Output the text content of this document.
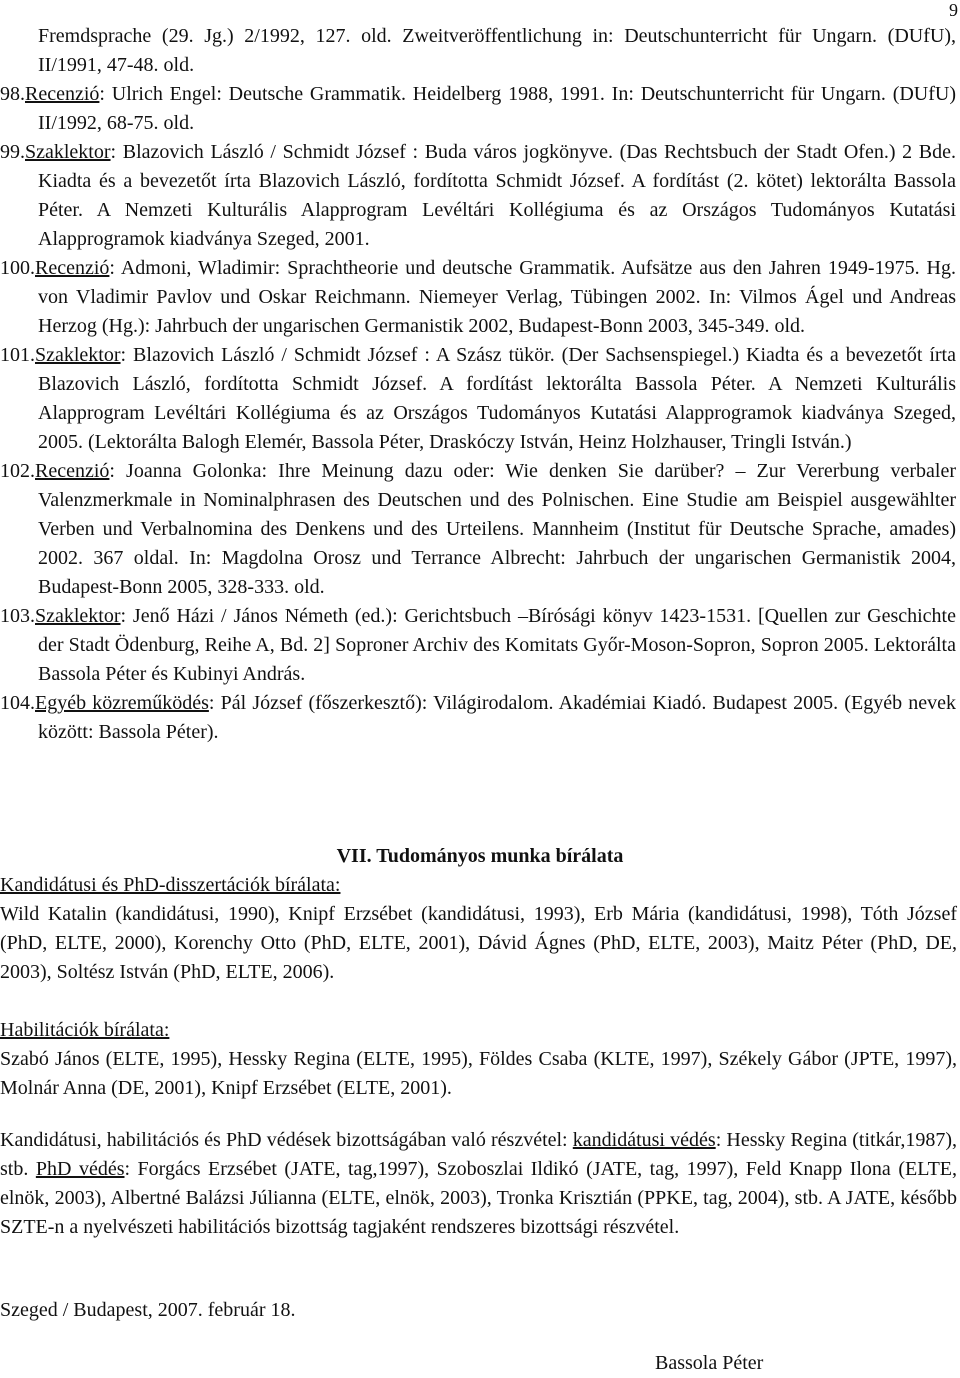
9

Fremdsprache (29. Jg.) 2/1992, 127. old. Zweitveröffentlichung in: Deutschunterricht für Ungarn. (DUfU), II/1991, 47-48. old.

98.Recenzió: Ulrich Engel: Deutsche Grammatik. Heidelberg 1988, 1991. In: Deutschunterricht für Ungarn. (DUfU) II/1992, 68-75. old.

99.Szaklektor: Blazovich László / Schmidt József : Buda város jogkönyve. (Das Rechtsbuch der Stadt Ofen.) 2 Bde. Kiadta és a bevezetőt írta Blazovich László, fordította Schmidt József. A fordítást (2. kötet) lektorálta Bassola Péter. A Nemzeti Kulturális Alapprogram Levéltári Kollégiuma és az Országos Tudományos Kutatási Alapprogramok kiadványa Szeged, 2001.

100.Recenzió: Admoni, Wladimir: Sprachtheorie und deutsche Grammatik. Aufsätze aus den Jahren 1949-1975. Hg. von Vladimir Pavlov und Oskar Reichmann. Niemeyer Verlag, Tübingen 2002. In: Vilmos Ágel und Andreas Herzog (Hg.): Jahrbuch der ungarischen Germanistik 2002, Budapest-Bonn 2003, 345-349. old.

101.Szaklektor: Blazovich László / Schmidt József : A Szász tükör. (Der Sachsenspiegel.) Kiadta és a bevezetőt írta Blazovich László, fordította Schmidt József. A fordítást lektorálta Bassola Péter. A Nemzeti Kulturális Alapprogram Levéltári Kollégiuma és az Országos Tudományos Kutatási Alapprogramok kiadványa Szeged, 2005. (Lektorálta Balogh Elemér, Bassola Péter, Draskóczy István, Heinz Holzhauser, Tringli István.)

102.Recenzió: Joanna Golonka: Ihre Meinung dazu oder: Wie denken Sie darüber? – Zur Vererbung verbaler Valenzmerkmale in Nominalphrasen des Deutschen und des Polnischen. Eine Studie am Beispiel ausgewählter Verben und Verbalnomina des Denkens und des Urteilens. Mannheim (Institut für Deutsche Sprache, amades) 2002. 367 oldal. In: Magdolna Orosz und Terrance Albrecht: Jahrbuch der ungarischen Germanistik 2004, Budapest-Bonn 2005, 328-333. old.

103.Szaklektor: Jenő Házi / János Németh (ed.): Gerichtsbuch –Bírósági könyv 1423-1531. [Quellen zur Geschichte der Stadt Ödenburg, Reihe A, Bd. 2] Soproner Archiv des Komitats Győr-Moson-Sopron, Sopron 2005. Lektorálta Bassola Péter és Kubinyi András.

104.Egyéb közreműködés: Pál József (főszerkesztő): Világirodalom. Akadémiai Kiadó. Budapest 2005. (Egyéb nevek között: Bassola Péter).

VII. Tudományos munka bírálata
Kandidátusi és PhD-disszertációk bírálata:
Wild Katalin (kandidátusi, 1990), Knipf Erzsébet (kandidátusi, 1993), Erb Mária (kandidátusi, 1998), Tóth József (PhD, ELTE, 2000), Korenchy Otto (PhD, ELTE, 2001), Dávid Ágnes (PhD, ELTE, 2003), Maitz Péter (PhD, DE, 2003), Soltész István (PhD, ELTE, 2006).
Habilitációk bírálata:
Szabó János (ELTE, 1995), Hessky Regina (ELTE, 1995), Földes Csaba (KLTE, 1997), Székely Gábor (JPTE, 1997), Molnár Anna (DE, 2001), Knipf Erzsébet (ELTE, 2001).
Kandidátusi, habilitációs és PhD védések bizottságában való részvétel: kandidátusi védés: Hessky Regina (titkár,1987), stb. PhD védés: Forgács Erzsébet (JATE, tag,1997), Szoboszlai Ildikó (JATE, tag, 1997), Feld Knapp Ilona (ELTE, elnök, 2003), Albertné Balázsi Júlianna (ELTE, elnök, 2003), Tronka Krisztián (PPKE, tag, 2004), stb. A JATE, később SZTE-n a nyelvészeti habilitációs bizottság tagjaként rendszeres bizottsági részvétel.
Szeged / Budapest, 2007. február 18.
Bassola Péter
